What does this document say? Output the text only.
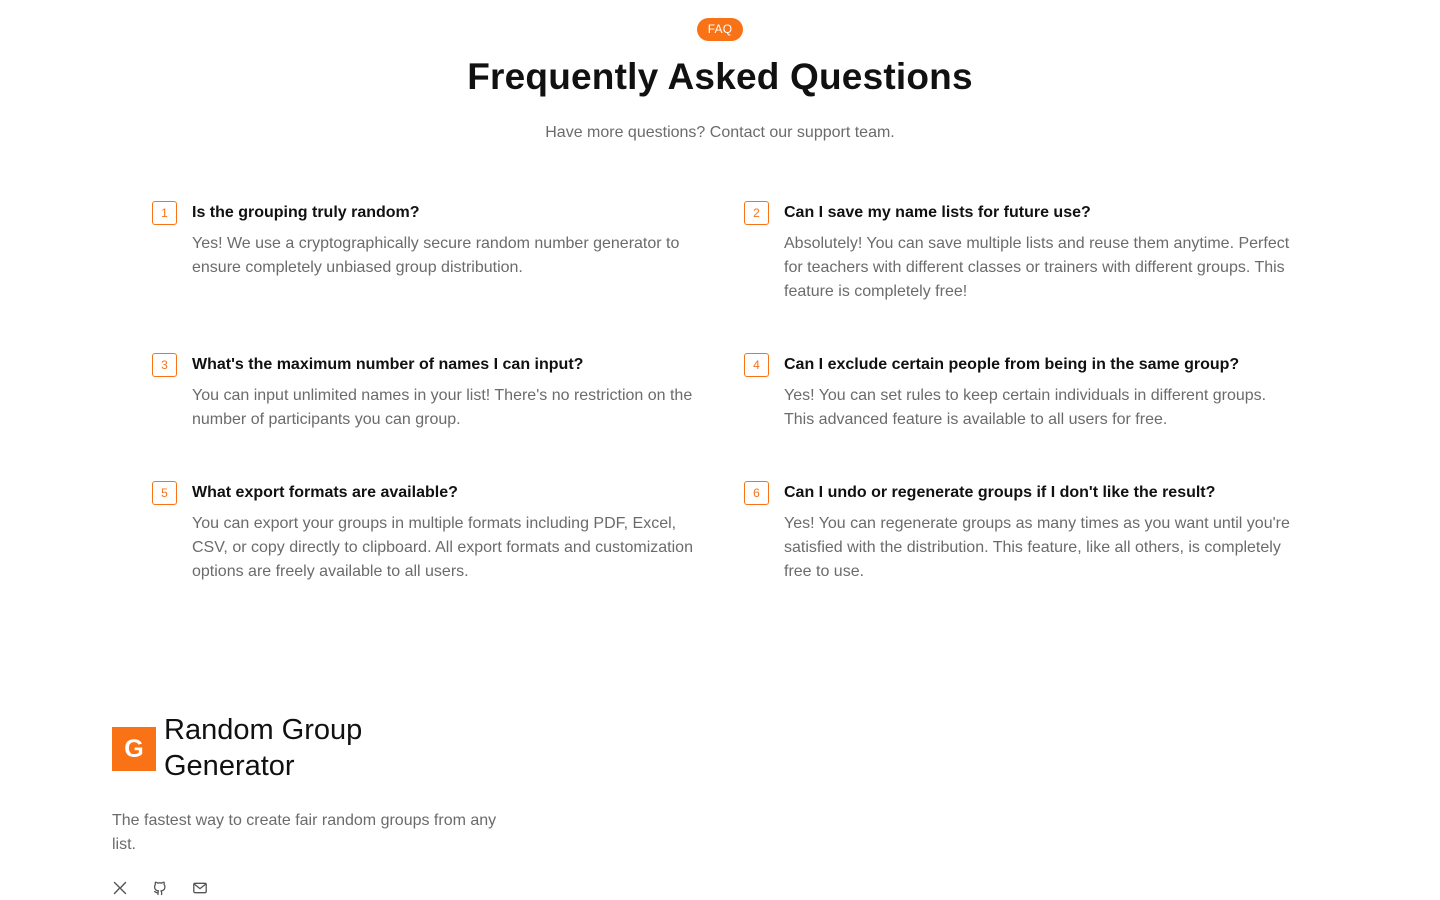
FAQ
Frequently Asked Questions

Have more questions? Contact our support team.

1	Is the grouping truly random?

Yes! We use a cryptographically secure random number generator to ensure completely unbiased group distribution.

2	Can I save my name lists for future use?

Absolutely! You can save multiple lists and reuse them anytime. Perfect for teachers with different classes or trainers with different groups. This feature is completely free!

3	What's the maximum number of names I can input?

You can input unlimited names in your list! There's no restriction on the number of participants you can group.

4	Can I exclude certain people from being in the same group?

Yes! You can set rules to keep certain individuals in different groups. This advanced feature is available to all users for free.

5	What export formats are available?

You can export your groups in multiple formats including PDF, Excel, CSV, or copy directly to clipboard. All export formats and customization options are freely available to all users.

6	Can I undo or regenerate groups if I don't like the result?

Yes! You can regenerate groups as many times as you want until you're satisfied with the distribution. This feature, like all others, is completely free to use.

G
Random Group Generator

The fastest way to create fair random groups from any list.
